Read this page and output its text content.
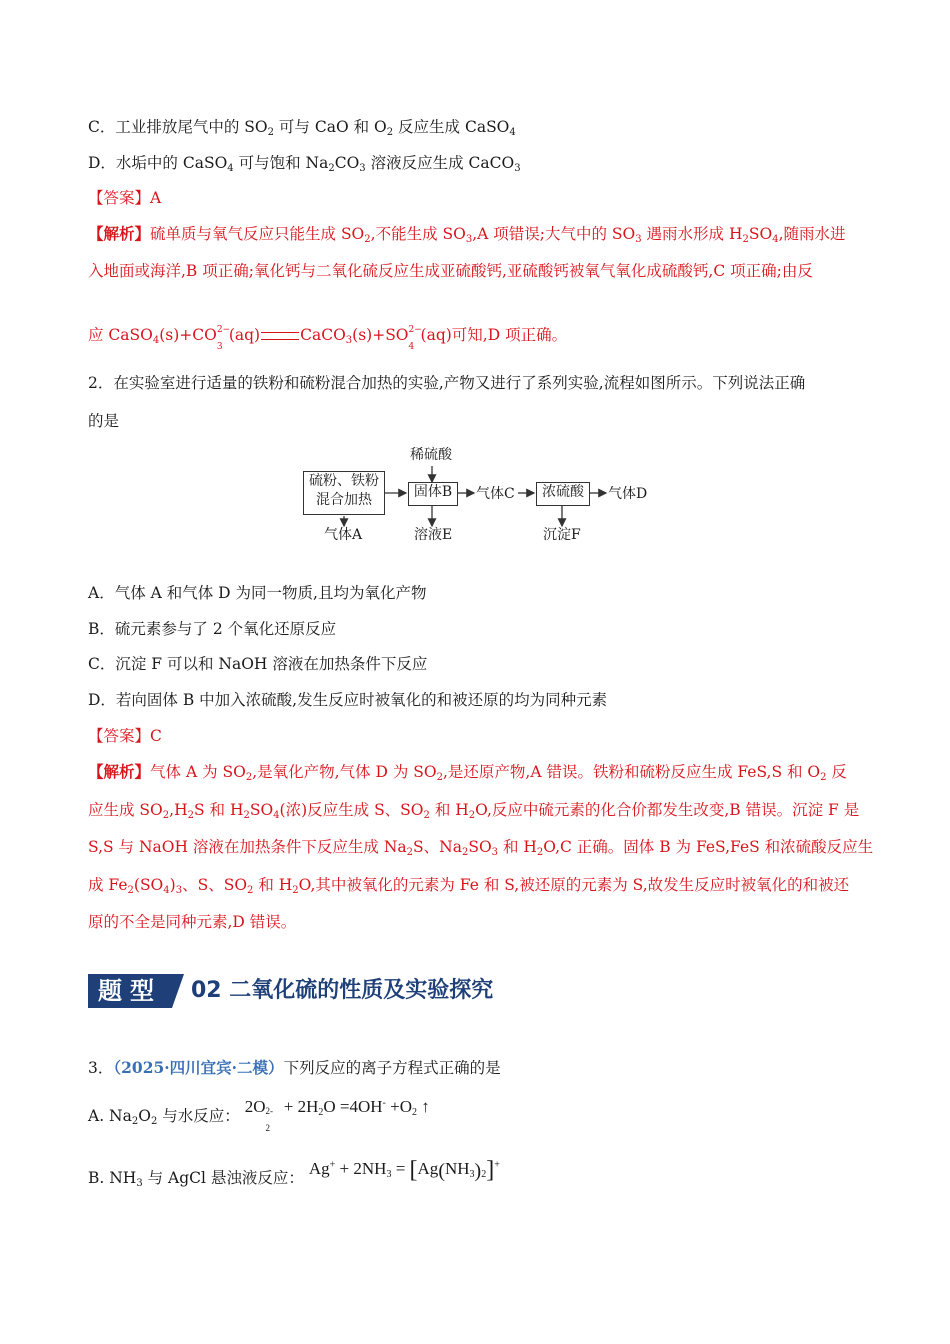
C．工业排放尾气中的 $SO_2$ 可与 CaO 和 $O_2$ 反应生成 CaSO$_4$
D．水垢中的 CaSO$_4$ 可与饱和 $Na_2CO_3$ 溶液反应生成 CaCO$_3$
【答案】A
【解析】硫单质与氧气反应只能生成 $SO_2$,不能生成 $SO_3,A$ 项错误;大气中的 $SO_3$ 遇雨水形成 $H_2SO_4$,随雨水进
入地面或海洋,B 项正确;氧化钙与二氧化硫反应生成亚硫酸钙,亚硫酸钙被氧气氧化成硫酸钙,C 项正确;由反
应 CaSO$_4$(s)+CO 2−
3
(aq)	CaCO$_3$(s)+SO 2−
4
(aq)可知,D 项正确。
2．在实验室进行适量的铁粉和硫粉混合加热的实验,产物又进行了系列实验,流程如图所示。下列说法正确
的是
硫粉、铁粉
混合加热	固体B	浓硫酸
稀硫酸
气体C	气体D
气体A	溶液E	沉淀F
A．气体 A 和气体 D 为同一物质,且均为氧化产物
B．硫元素参与了 2 个氧化还原反应
C．沉淀 F 可以和 NaOH 溶液在加热条件下反应
D．若向固体 B 中加入浓硫酸,发生反应时被氧化的和被还原的均为同种元素
【答案】C
【解析】气体 A 为 $SO_2$,是氧化产物,气体 D 为 $SO_2$,是还原产物,A 错误。铁粉和硫粉反应生成 FeS,S 和 $O_2$ 反
应生成 $SO_2,H_2S$ 和 $H_2SO_4$(浓)反应生成 S、$SO_2$ 和 $H_2O$,反应中硫元素的化合价都发生改变,B 错误。沉淀 F 是
S,S 与 NaOH 溶液在加热条件下反应生成 $Na_2S$、$Na_2SO_3$ 和 $H_2O,C$ 正确。固体 B 为 FeS,FeS 和浓硫酸反应生
成 $Fe_2(SO_4)_3$、S、$SO_2$ 和 $H_2O$,其中被氧化的元素为 Fe 和 S,被还原的元素为 S,故发生反应时被氧化的和被还
原的不全是同种元素,D 错误。
题型	02 二氧化硫的性质及实验探究
3．（2025·四川宜宾·二模）下列反应的离子方程式正确的是
A. $Na_2O_2$ 与水反应： 2O 2-
2
+ $2H_2O =4OH^- +O_2$ ↑
B. $NH_3$ 与 AgCl 悬浊液反应： $Ag^+ + 2NH_3 = [Ag(NH_3)_2]^+$
